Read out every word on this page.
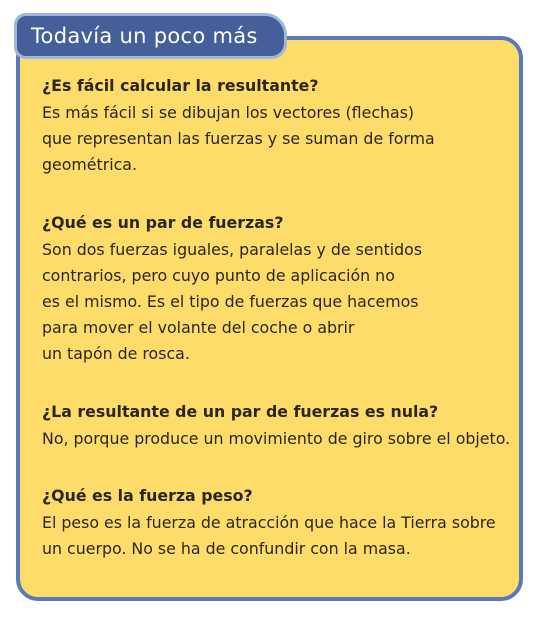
Todavía un poco más

¿Es fácil calcular la resultante?

Es más fácil si se dibujan los vectores (flechas)

que representan las fuerzas y se suman de forma

geométrica.

¿Qué es un par de fuerzas?

Son dos fuerzas iguales, paralelas y de sentidos

contrarios, pero cuyo punto de aplicación no

es el mismo. Es el tipo de fuerzas que hacemos

para mover el volante del coche o abrir

un tapón de rosca.

¿La resultante de un par de fuerzas es nula?

No, porque produce un movimiento de giro sobre el objeto.

¿Qué es la fuerza peso?

El peso es la fuerza de atracción que hace la Tierra sobre

un cuerpo. No se ha de confundir con la masa.
